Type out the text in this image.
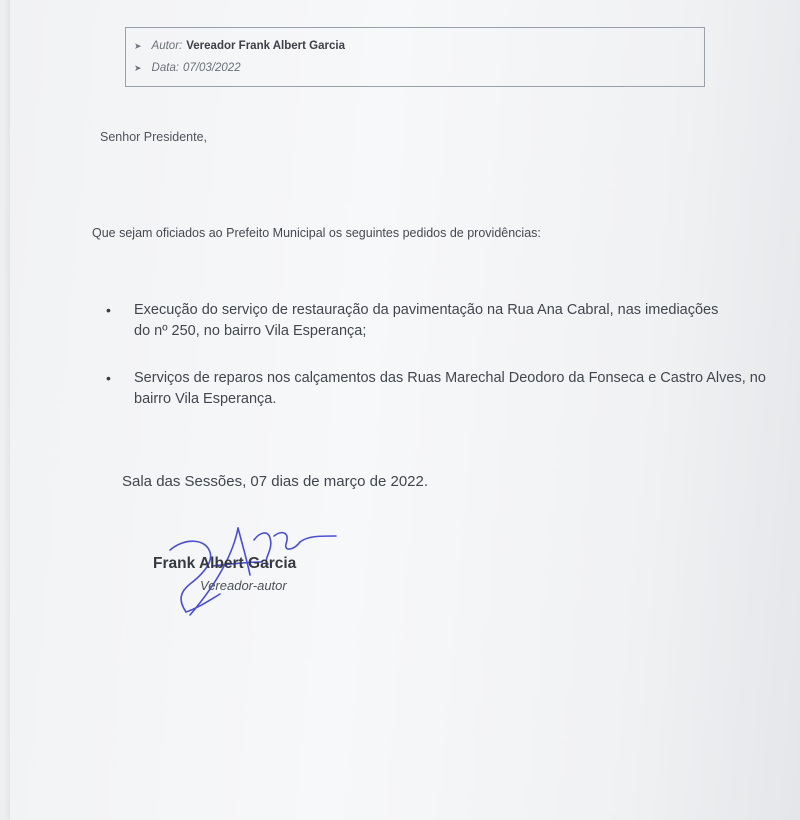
➤ Autor: Vereador Frank Albert Garcia
➤ Data: 07/03/2022
Senhor Presidente,
Que sejam oficiados ao Prefeito Municipal os seguintes pedidos de providências:
• Execução do serviço de restauração da pavimentação na Rua Ana Cabral, nas imediações do nº 250, no bairro Vila Esperança;
• Serviços de reparos nos calçamentos das Ruas Marechal Deodoro da Fonseca e Castro Alves, no bairro Vila Esperança.
Sala das Sessões, 07 dias de março de 2022.
Frank Albert Garcia
Vereador-autor
